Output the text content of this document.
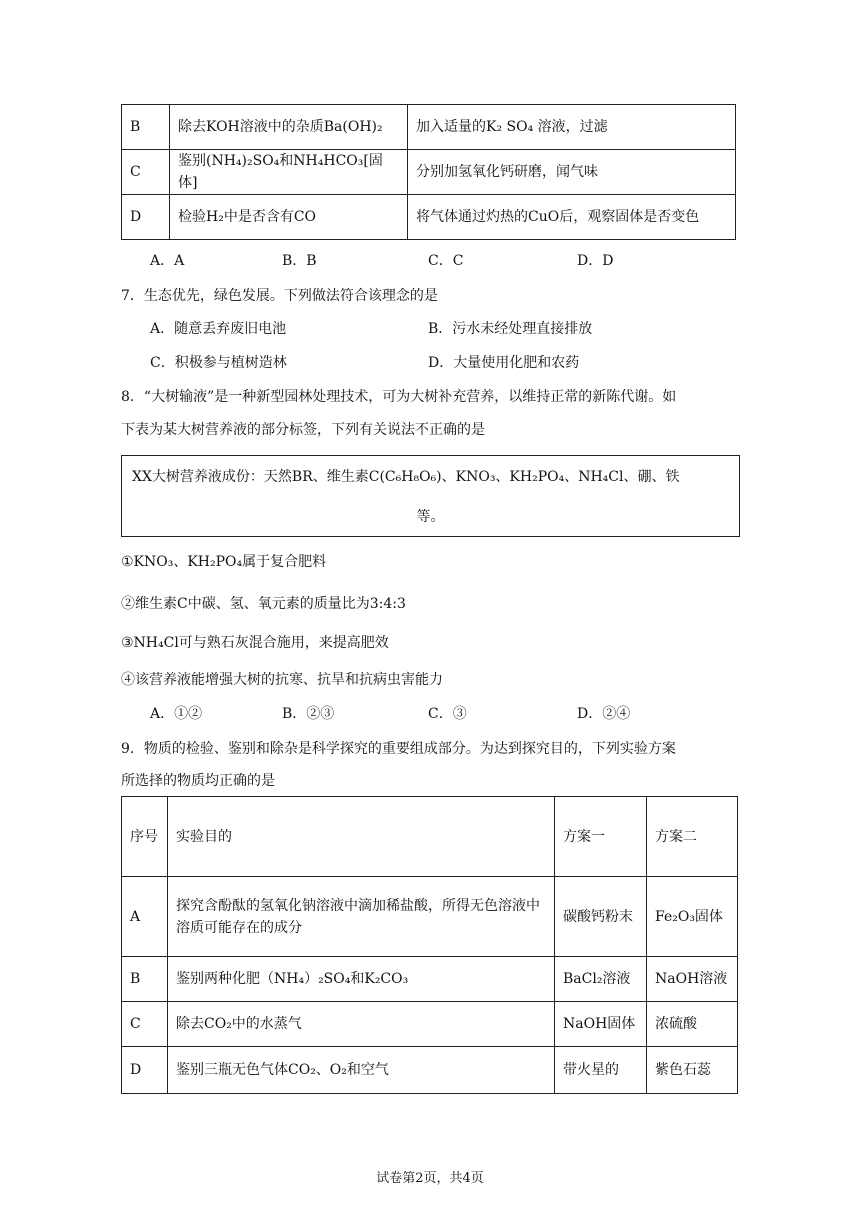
B	除去KOH溶液中的杂质Ba(OH)₂	加入适量的K₂ SO₄ 溶液，过滤
C	鉴别(NH₄)₂SO₄和NH₄HCO₃[固体]	分别加氢氧化钙研磨，闻气味
D	检验H₂中是否含有CO	将气体通过灼热的CuO后，观察固体是否变色
A．A	B．B	C．C	D．D
7．生态优先，绿色发展。下列做法符合该理念的是
A．随意丢弃废旧电池	B．污水未经处理直接排放
C．积极参与植树造林	D．大量使用化肥和农药
8．“大树输液”是一种新型园林处理技术，可为大树补充营养，以维持正常的新陈代谢。如
下表为某大树营养液的部分标签，下列有关说法不正确的是
XX大树营养液成份：天然BR、维生素C(C₆H₈O₆)、KNO₃、KH₂PO₄、NH₄Cl、硼、铁
等。
①KNO₃、KH₂PO₄属于复合肥料
②维生素C中碳、氢、氧元素的质量比为3:4:3
③NH₄Cl可与熟石灰混合施用，来提高肥效
④该营养液能增强大树的抗寒、抗旱和抗病虫害能力
A．①②	B．②③	C．③	D．②④
9．物质的检验、鉴别和除杂是科学探究的重要组成部分。为达到探究目的，下列实验方案
所选择的物质均正确的是
序号	实验目的	方案一	方案二
A	探究含酚酞的氢氧化钠溶液中滴加稀盐酸，所得无色溶液中溶质可能存在的成分	碳酸钙粉末	Fe₂O₃固体
B	鉴别两种化肥（NH₄）₂SO₄和K₂CO₃	BaCl₂溶液	NaOH溶液
C	除去CO₂中的水蒸气	NaOH固体	浓硫酸
D	鉴别三瓶无色气体CO₂、O₂和空气	带火星的	紫色石蕊
试卷第2页，共4页
